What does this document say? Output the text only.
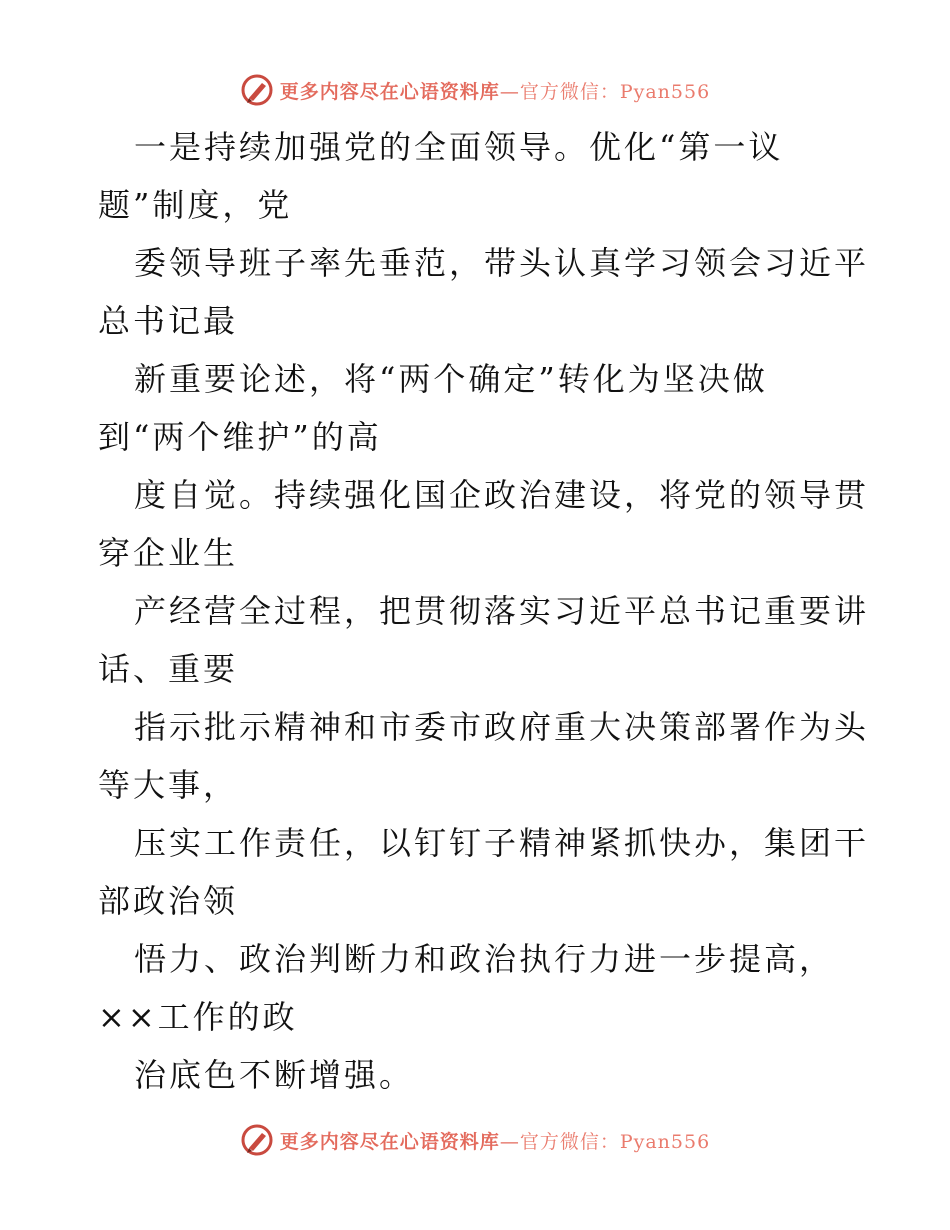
更多内容尽在心语资料库—官方微信：Pyan556
一是持续加强党的全面领导。优化“第一议
题”制度，党
委领导班子率先垂范，带头认真学习领会习近平
总书记最
新重要论述，将“两个确定”转化为坚决做
到“两个维护”的高
度自觉。持续强化国企政治建设，将党的领导贯
穿企业生
产经营全过程，把贯彻落实习近平总书记重要讲
话、重要
指示批示精神和市委市政府重大决策部署作为头
等大事，
压实工作责任，以钉钉子精神紧抓快办，集团干
部政治领
悟力、政治判断力和政治执行力进一步提高，
××工作的政
治底色不断增强。
更多内容尽在心语资料库—官方微信：Pyan556
